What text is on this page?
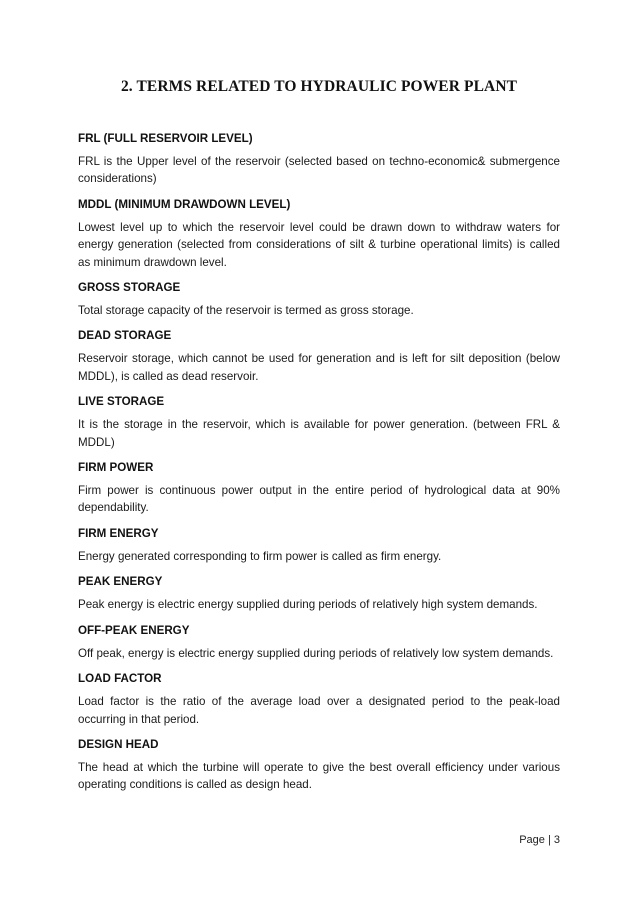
2. TERMS RELATED TO HYDRAULIC POWER PLANT

FRL (FULL RESERVOIR LEVEL)

FRL is the Upper level of the reservoir (selected based on techno-economic& submergence considerations)

MDDL (MINIMUM DRAWDOWN LEVEL)

Lowest level up to which the reservoir level could be drawn down to withdraw waters for energy generation (selected from considerations of silt & turbine operational limits) is called as minimum drawdown level.

GROSS STORAGE

Total storage capacity of the reservoir is termed as gross storage.

DEAD STORAGE

Reservoir storage, which cannot be used for generation and is left for silt deposition (below MDDL), is called as dead reservoir.

LIVE STORAGE

It is the storage in the reservoir, which is available for power generation. (between FRL & MDDL)

FIRM POWER

Firm power is continuous power output in the entire period of hydrological data at 90% dependability.

FIRM ENERGY

Energy generated corresponding to firm power is called as firm energy.

PEAK ENERGY

Peak energy is electric energy supplied during periods of relatively high system demands.

OFF-PEAK ENERGY

Off peak, energy is electric energy supplied during periods of relatively low system demands.

LOAD FACTOR

Load factor is the ratio of the average load over a designated period to the peak-load occurring in that period.

DESIGN HEAD

The head at which the turbine will operate to give the best overall efficiency under various operating conditions is called as design head.

Page | 3
